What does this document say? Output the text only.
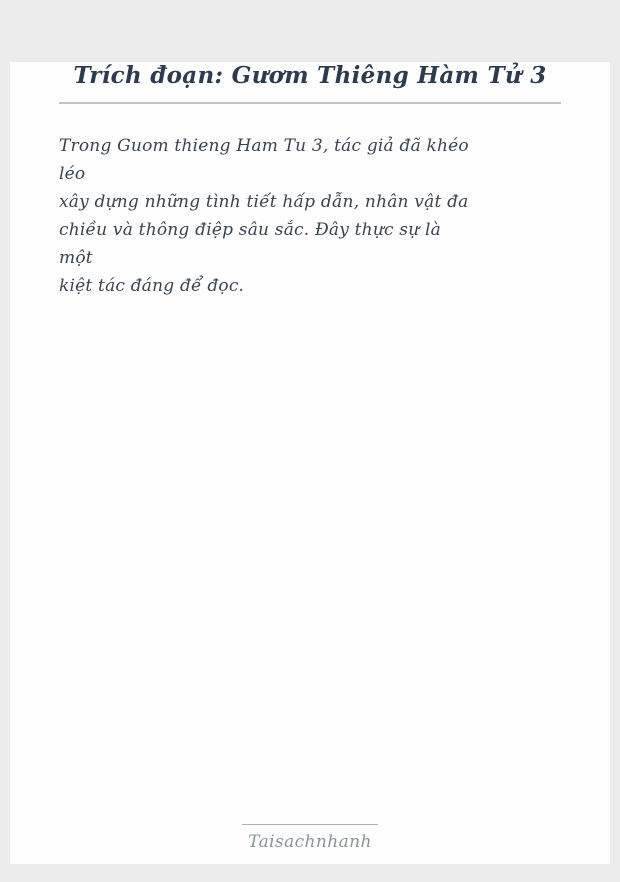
Trích đoạn: Gươm Thiêng Hàm Tử 3
Trong Guom thieng Ham Tu 3, tác giả đã khéo
léo
xây dựng những tình tiết hấp dẫn, nhân vật đa
chiều và thông điệp sâu sắc. Đây thực sự là
một
kiệt tác đáng để đọc.
Taisachnhanh
